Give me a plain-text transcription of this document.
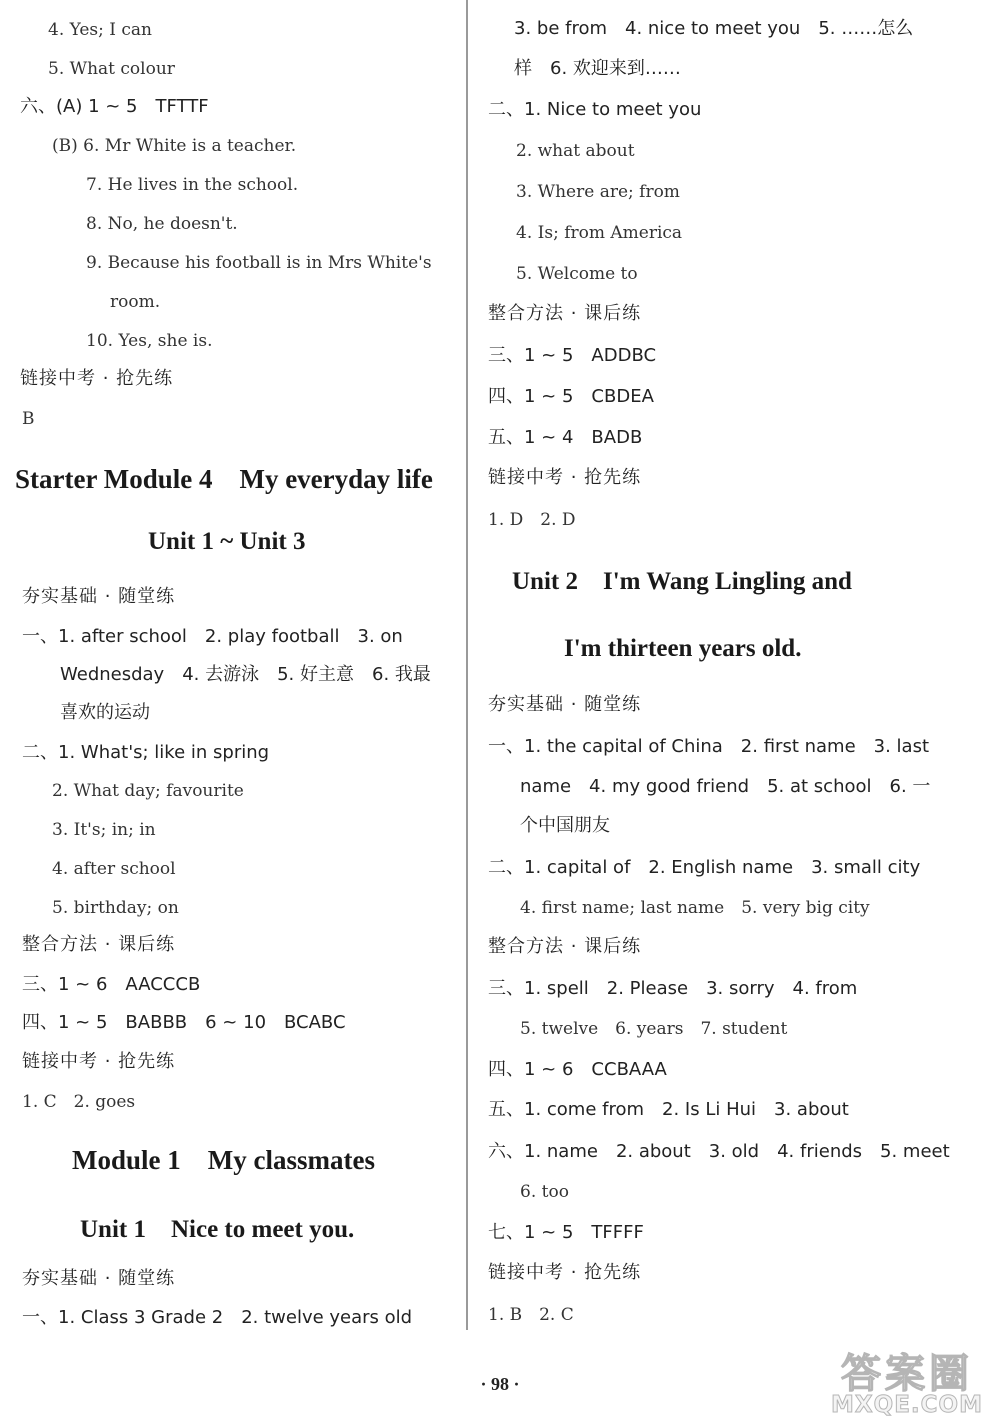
4. Yes; I can
5. What colour
六、(A) 1 ~ 5　TFTTF
(B) 6. Mr White is a teacher.
7. He lives in the school.
8. No, he doesn't.
9. Because his football is in Mrs White's
room.
10. Yes, she is.
链接中考 · 抢先练
B
Starter Module 4　My everyday life
Unit 1 ~ Unit 3
夯实基础 · 随堂练
一、1. after school　2. play football　3. on
Wednesday　4. 去游泳　5. 好主意　6. 我最
喜欢的运动
二、1. What's; like in spring
2. What day; favourite
3. It's; in; in
4. after school
5. birthday; on
整合方法 · 课后练
三、1 ~ 6　AACCCB
四、1 ~ 5　BABBB　6 ~ 10　BCABC
链接中考 · 抢先练
1. C　2. goes
Module 1　My classmates
Unit 1　Nice to meet you.
夯实基础 · 随堂练
一、1. Class 3 Grade 2　2. twelve years old
3. be from　4. nice to meet you　5. ……怎么
样　6. 欢迎来到……
二、1. Nice to meet you
2. what about
3. Where are; from
4. Is; from America
5. Welcome to
整合方法 · 课后练
三、1 ~ 5　ADDBC
四、1 ~ 5　CBDEA
五、1 ~ 4　BADB
链接中考 · 抢先练
1. D　2. D
Unit 2　I'm Wang Lingling and
I'm thirteen years old.
夯实基础 · 随堂练
一、1. the capital of China　2. first name　3. last
name　4. my good friend　5. at school　6. 一
个中国朋友
二、1. capital of　2. English name　3. small city
4. first name; last name　5. very big city
整合方法 · 课后练
三、1. spell　2. Please　3. sorry　4. from
5. twelve　6. years　7. student
四、1 ~ 6　CCBAAA
五、1. come from　2. Is Li Hui　3. about
六、1. name　2. about　3. old　4. friends　5. meet
6. too
七、1 ~ 5　TFFFF
链接中考 · 抢先练
1. B　2. C
· 98 ·	答案圈
MXQE.COM
